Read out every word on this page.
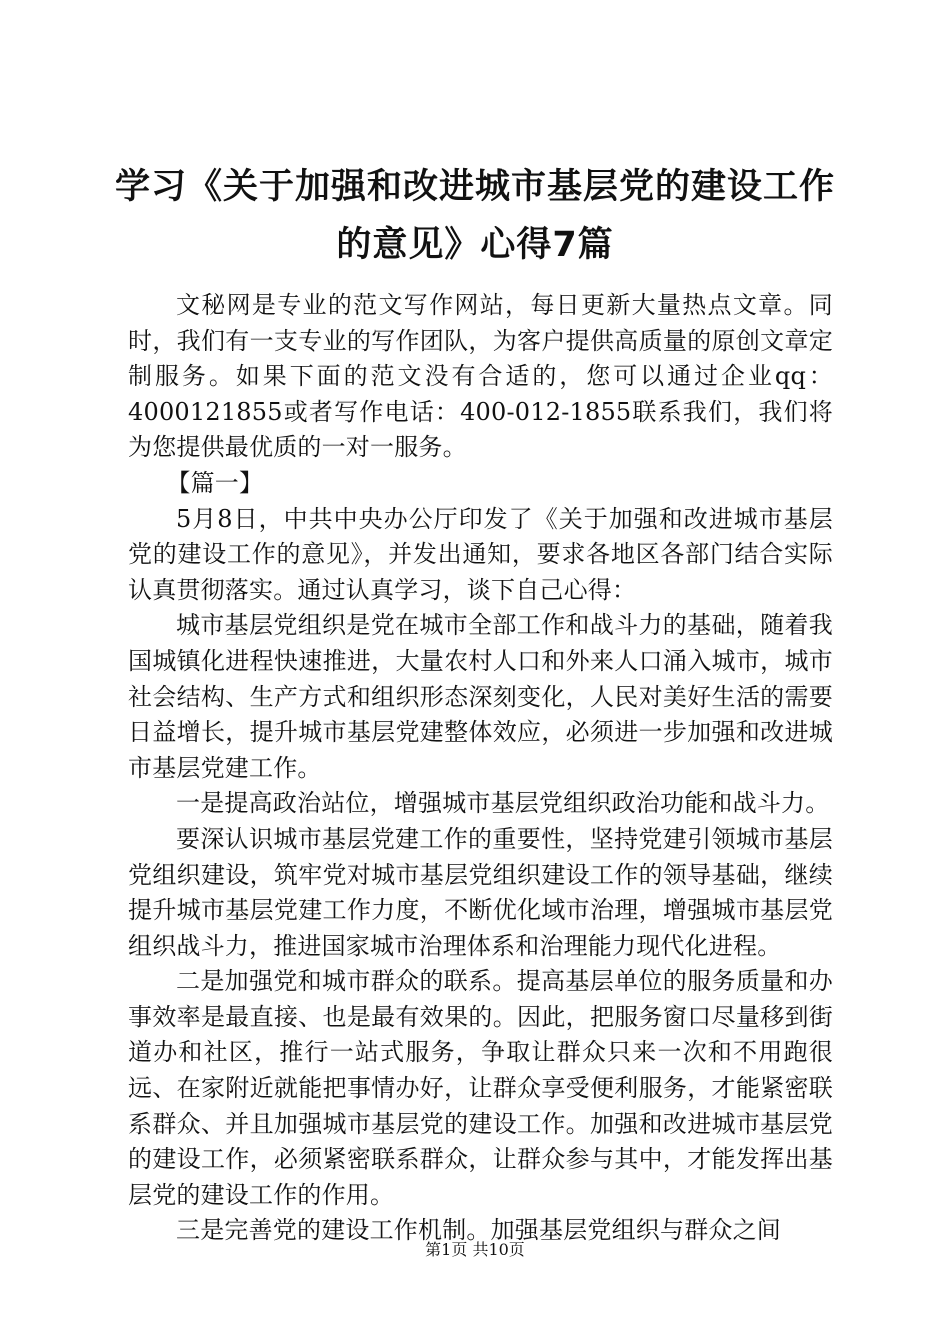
学习《关于加强和改进城市基层党的建设工作的意见》心得7篇

文秘网是专业的范文写作网站，每日更新大量热点文章。同时，我们有一支专业的写作团队，为客户提供高质量的原创文章定制服务。如果下面的范文没有合适的，您可以通过企业qq：4000121855或者写作电话：400-012-1855联系我们，我们将为您提供最优质的一对一服务。

【篇一】

5月8日，中共中央办公厅印发了《关于加强和改进城市基层党的建设工作的意见》，并发出通知，要求各地区各部门结合实际认真贯彻落实。通过认真学习，谈下自己心得：

城市基层党组织是党在城市全部工作和战斗力的基础，随着我国城镇化进程快速推进，大量农村人口和外来人口涌入城市，城市社会结构、生产方式和组织形态深刻变化，人民对美好生活的需要日益增长，提升城市基层党建整体效应，必须进一步加强和改进城市基层党建工作。

一是提高政治站位，增强城市基层党组织政治功能和战斗力。

要深认识城市基层党建工作的重要性，坚持党建引领城市基层党组织建设，筑牢党对城市基层党组织建设工作的领导基础，继续提升城市基层党建工作力度，不断优化域市治理，增强城市基层党组织战斗力，推进国家城市治理体系和治理能力现代化进程。

二是加强党和城市群众的联系。提高基层单位的服务质量和办事效率是最直接、也是最有效果的。因此，把服务窗口尽量移到街道办和社区，推行一站式服务，争取让群众只来一次和不用跑很远、在家附近就能把事情办好，让群众享受便利服务，才能紧密联系群众、并且加强城市基层党的建设工作。加强和改进城市基层党的建设工作，必须紧密联系群众，让群众参与其中，才能发挥出基层党的建设工作的作用。

三是完善党的建设工作机制。加强基层党组织与群众之间

第1页 共10页
